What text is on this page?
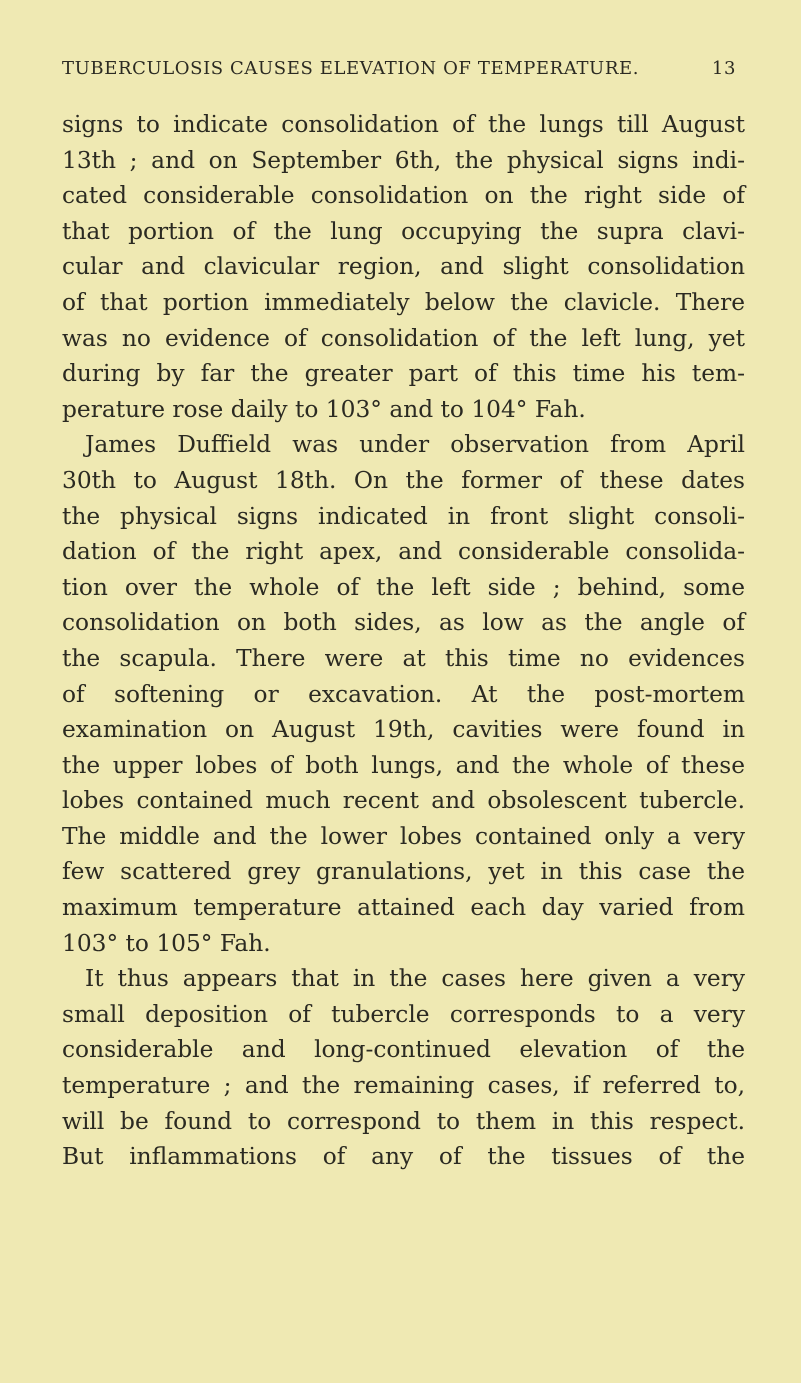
TUBERCULOSIS CAUSES ELEVATION OF TEMPERATURE.	13
signs to indicate consolidation of the lungs till August
13th ; and on September 6th, the physical signs indi-
cated considerable consolidation on the right side of
that portion of the lung occupying the supra clavi-
cular and clavicular region, and slight consolidation
of that portion immediately below the clavicle. There
was no evidence of consolidation of the left lung, yet
during by far the greater part of this time his tem-
perature rose daily to 103° and to 104° Fah.
James Duffield was under observation from April
30th to August 18th. On the former of these dates
the physical signs indicated in front slight consoli-
dation of the right apex, and considerable consolida-
tion over the whole of the left side ; behind, some
consolidation on both sides, as low as the angle of
the scapula. There were at this time no evidences
of softening or excavation. At the post-mortem
examination on August 19th, cavities were found in
the upper lobes of both lungs, and the whole of these
lobes contained much recent and obsolescent tubercle.
The middle and the lower lobes contained only a very
few scattered grey granulations, yet in this case the
maximum temperature attained each day varied from
103° to 105° Fah.
It thus appears that in the cases here given a very
small deposition of tubercle corresponds to a very
considerable and long-continued elevation of the
temperature ; and the remaining cases, if referred to,
will be found to correspond to them in this respect.
But inflammations of any of the tissues of the
